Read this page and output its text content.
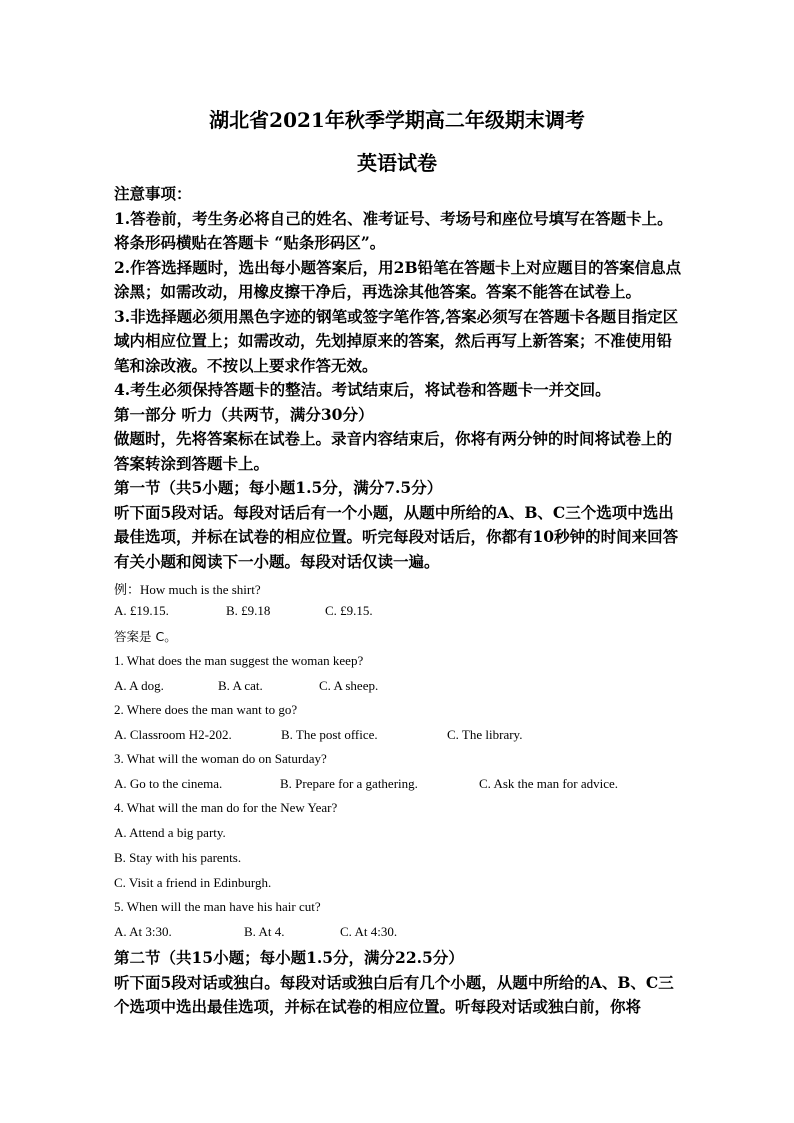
湖北省2021年秋季学期高二年级期末调考
英语试卷

注意事项：

1.答卷前，考生务必将自己的姓名、准考证号、考场号和座位号填写在答题卡上。将条形码横贴在答题卡 “贴条形码区”。

2.作答选择题时，选出每小题答案后，用2B铅笔在答题卡上对应题目的答案信息点涂黑；如需改动，用橡皮擦干净后，再选涂其他答案。答案不能答在试卷上。

3.非选择题必须用黑色字迹的钢笔或签字笔作答,答案必须写在答题卡各题目指定区域内相应位置上；如需改动，先划掉原来的答案，然后再写上新答案；不准使用铅笔和涂改液。不按以上要求作答无效。

4.考生必须保持答题卡的整洁。考试结束后，将试卷和答题卡一并交回。

第一部分 听力（共两节，满分30分）

做题时，先将答案标在试卷上。录音内容结束后，你将有两分钟的时间将试卷上的答案转涂到答题卡上。

第一节（共5小题；每小题1.5分，满分7.5分）

听下面5段对话。每段对话后有一个小题，从题中所给的A、B、C三个选项中选出最佳选项，并标在试卷的相应位置。听完每段对话后，你都有10秒钟的时间来回答有关小题和阅读下一小题。每段对话仅读一遍。

例：How much is the shirt?
A. £19.15.	B. £9.18	C. £9.15.
答案是 C。
1. What does the man suggest the woman keep?
A. A dog.	B. A cat.	C. A sheep.
2. Where does the man want to go?
A. Classroom H2-202.	B. The post office.	C. The library.
3. What will the woman do on Saturday?
A. Go to the cinema.	B. Prepare for a gathering.	C. Ask the man for advice.
4. What will the man do for the New Year?
A. Attend a big party.
B. Stay with his parents.
C. Visit a friend in Edinburgh.
5. When will the man have his hair cut?
A. At 3:30.	B. At 4.	C. At 4:30.

第二节（共15小题；每小题1.5分，满分22.5分）

听下面5段对话或独白。每段对话或独白后有几个小题，从题中所给的A、B、C三个选项中选出最佳选项，并标在试卷的相应位置。听每段对话或独白前，你将
